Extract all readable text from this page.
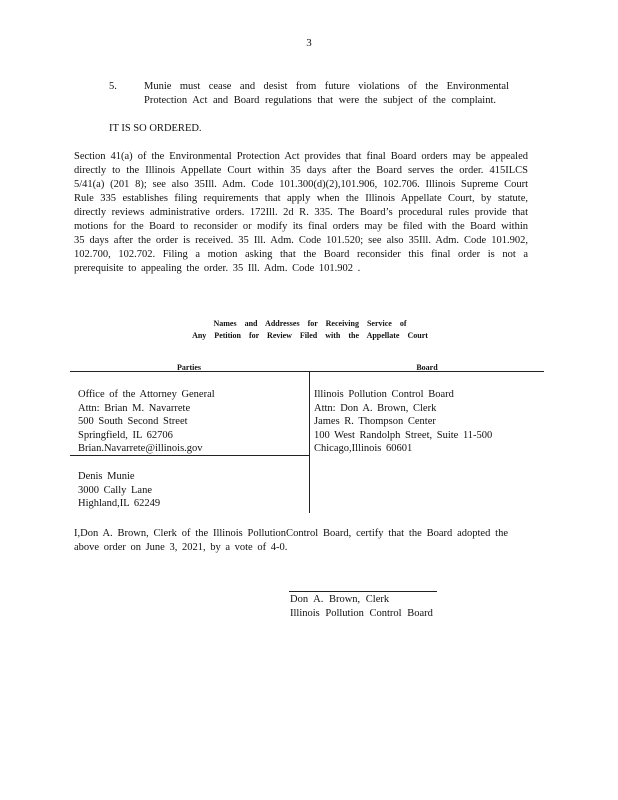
3
5.	Munie must cease and desist from future violations of the Environmental Protection Act and Board regulations that were the subject of the complaint.
IT IS SO ORDERED.
Section 41(a) of the Environmental Protection Act provides that final Board orders may be appealed directly to the Illinois Appellate Court within 35 days after the Board serves the order. 415ILCS 5/41(a) (201 8); see also 35Ill. Adm. Code 101.300(d)(2),101.906, 102.706. Illinois Supreme Court Rule 335 establishes filing requirements that apply when the Illinois Appellate Court, by statute, directly reviews administrative orders. 172Ill. 2d R. 335. The Board’s procedural rules provide that motions for the Board to reconsider or modify its final orders may be filed with the Board within 35 days after the order is received. 35 Ill. Adm. Code 101.520; see also 35Ill. Adm. Code 101.902, 102.700, 102.702. Filing a motion asking that the Board reconsider this final order is not a prerequisite to appealing the order. 35 Ill. Adm. Code 101.902 .
Names and Addresses for Receiving Service of
Any Petition for Review Filed with the Appellate Court
Parties	Board
Office of the Attorney General
Attn: Brian M. Navarrete
500 South Second Street
Springfield, IL 62706
Brian.Navarrete@illinois.gov
Denis Munie
3000 Cally Lane
Highland,IL 62249
Illinois Pollution Control Board
Attn: Don A. Brown, Clerk
James R. Thompson Center
100 West Randolph Street, Suite 11-500
Chicago,Illinois 60601
I,Don A. Brown, Clerk of the Illinois PollutionControl Board, certify that the Board adopted the above order on June 3, 2021, by a vote of 4-0.
Don A. Brown, Clerk
Illinois Pollution Control Board
